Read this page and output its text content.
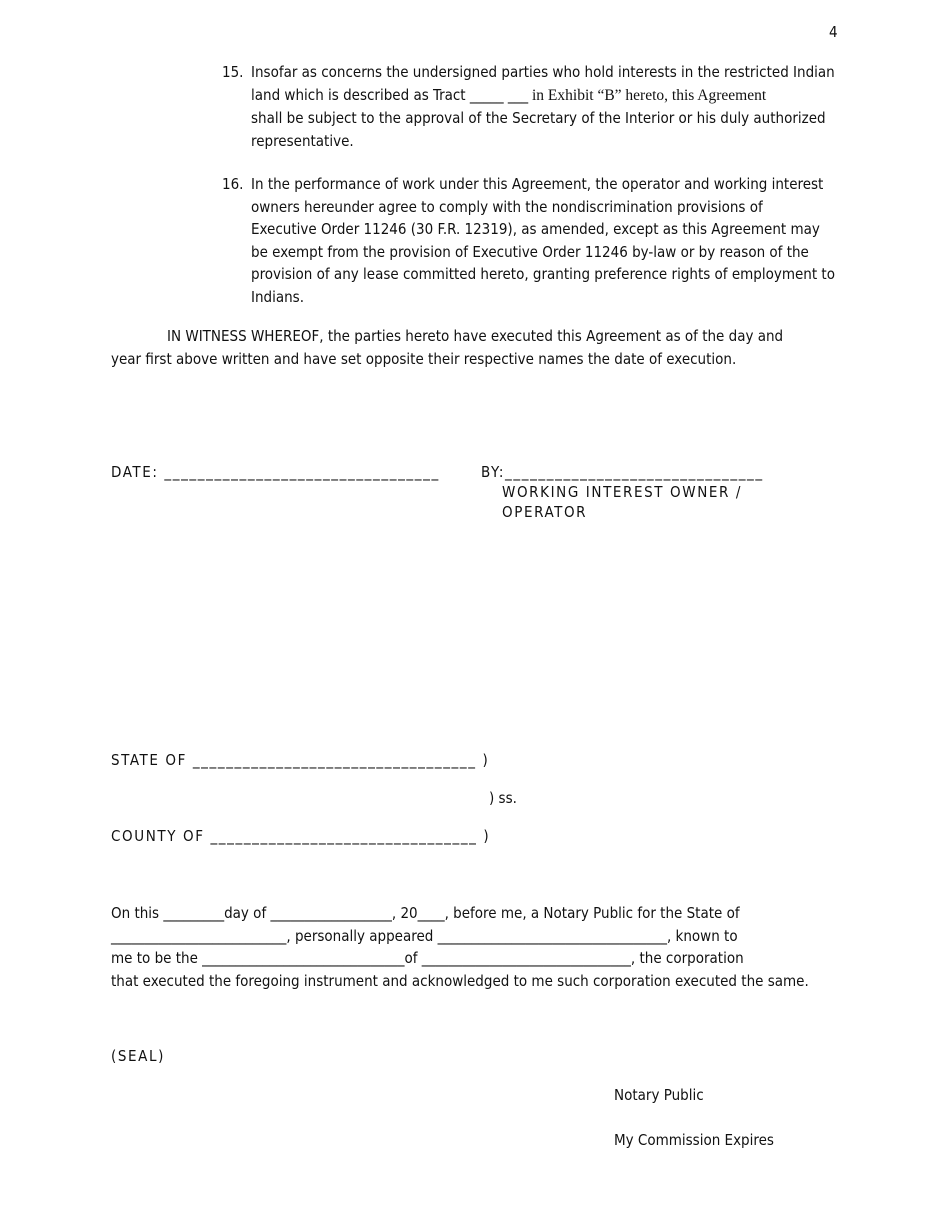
4
15. Insofar as concerns the undersigned parties who hold interests in the restricted Indian
land which is described as Tract _____ ___ in Exhibit “B” hereto, this Agreement
shall be subject to the approval of the Secretary of the Interior or his duly authorized
representative.
16. In the performance of work under this Agreement, the operator and working interest
owners hereunder agree to comply with the nondiscrimination provisions of
Executive Order 11246 (30 F.R. 12319), as amended, except as this Agreement may
be exempt from the provision of Executive Order 11246 by-law or by reason of the
provision of any lease committed hereto, granting preference rights of employment to
Indians.
IN WITNESS WHEREOF, the parties hereto have executed this Agreement as of the day and
year first above written and have set opposite their respective names the date of execution.
DATE: _________________________________	BY:_______________________________
WORKING INTEREST OWNER /
OPERATOR
STATE OF __________________________________ )
) ss.
COUNTY OF ________________________________ )
On this _________day of __________________, 20____, before me, a Notary Public for the State of
__________________________, personally appeared __________________________________, known to
me to be the ______________________________of _______________________________, the corporation
that executed the foregoing instrument and acknowledged to me such corporation executed the same.
(SEAL)
Notary Public
My Commission Expires
